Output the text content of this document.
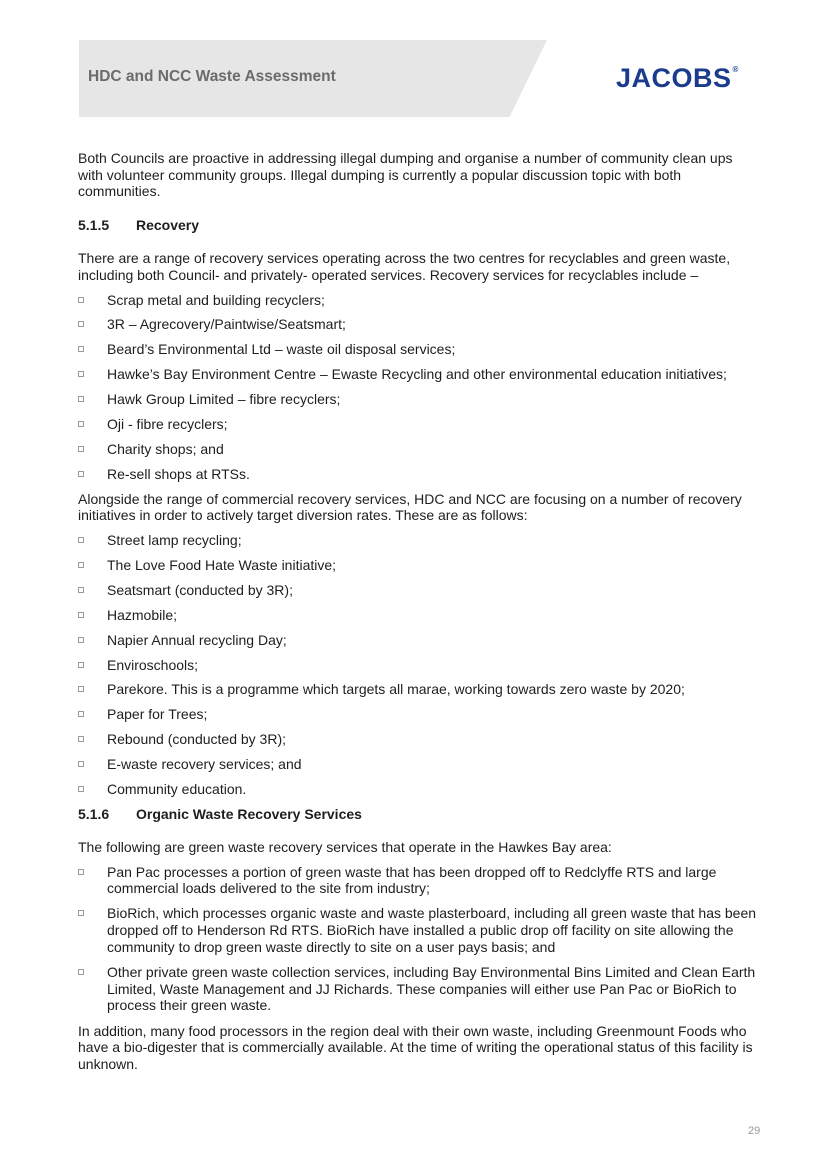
HDC and NCC Waste Assessment	JACOBS®

Both Councils are proactive in addressing illegal dumping and organise a number of community clean ups with volunteer community groups. Illegal dumping is currently a popular discussion topic with both communities.

5.1.5 Recovery

There are a range of recovery services operating across the two centres for recyclables and green waste, including both Council- and privately- operated services. Recovery services for recyclables include –

Scrap metal and building recyclers;
3R – Agrecovery/Paintwise/Seatsmart;
Beard’s Environmental Ltd – waste oil disposal services;
Hawke’s Bay Environment Centre – Ewaste Recycling and other environmental education initiatives;
Hawk Group Limited – fibre recyclers;
Oji - fibre recyclers;
Charity shops; and
Re-sell shops at RTSs.

Alongside the range of commercial recovery services, HDC and NCC are focusing on a number of recovery initiatives in order to actively target diversion rates. These are as follows:

Street lamp recycling;
The Love Food Hate Waste initiative;
Seatsmart (conducted by 3R);
Hazmobile;
Napier Annual recycling Day;
Enviroschools;
Parekore. This is a programme which targets all marae, working towards zero waste by 2020;
Paper for Trees;
Rebound (conducted by 3R);
E-waste recovery services; and
Community education.
5.1.6 Organic Waste Recovery Services

The following are green waste recovery services that operate in the Hawkes Bay area:

Pan Pac processes a portion of green waste that has been dropped off to Redclyffe RTS and large commercial loads delivered to the site from industry;
BioRich, which processes organic waste and waste plasterboard, including all green waste that has been dropped off to Henderson Rd RTS. BioRich have installed a public drop off facility on site allowing the community to drop green waste directly to site on a user pays basis; and
Other private green waste collection services, including Bay Environmental Bins Limited and Clean Earth Limited, Waste Management and JJ Richards. These companies will either use Pan Pac or BioRich to process their green waste.

In addition, many food processors in the region deal with their own waste, including Greenmount Foods who have a bio-digester that is commercially available. At the time of writing the operational status of this facility is unknown.

29
